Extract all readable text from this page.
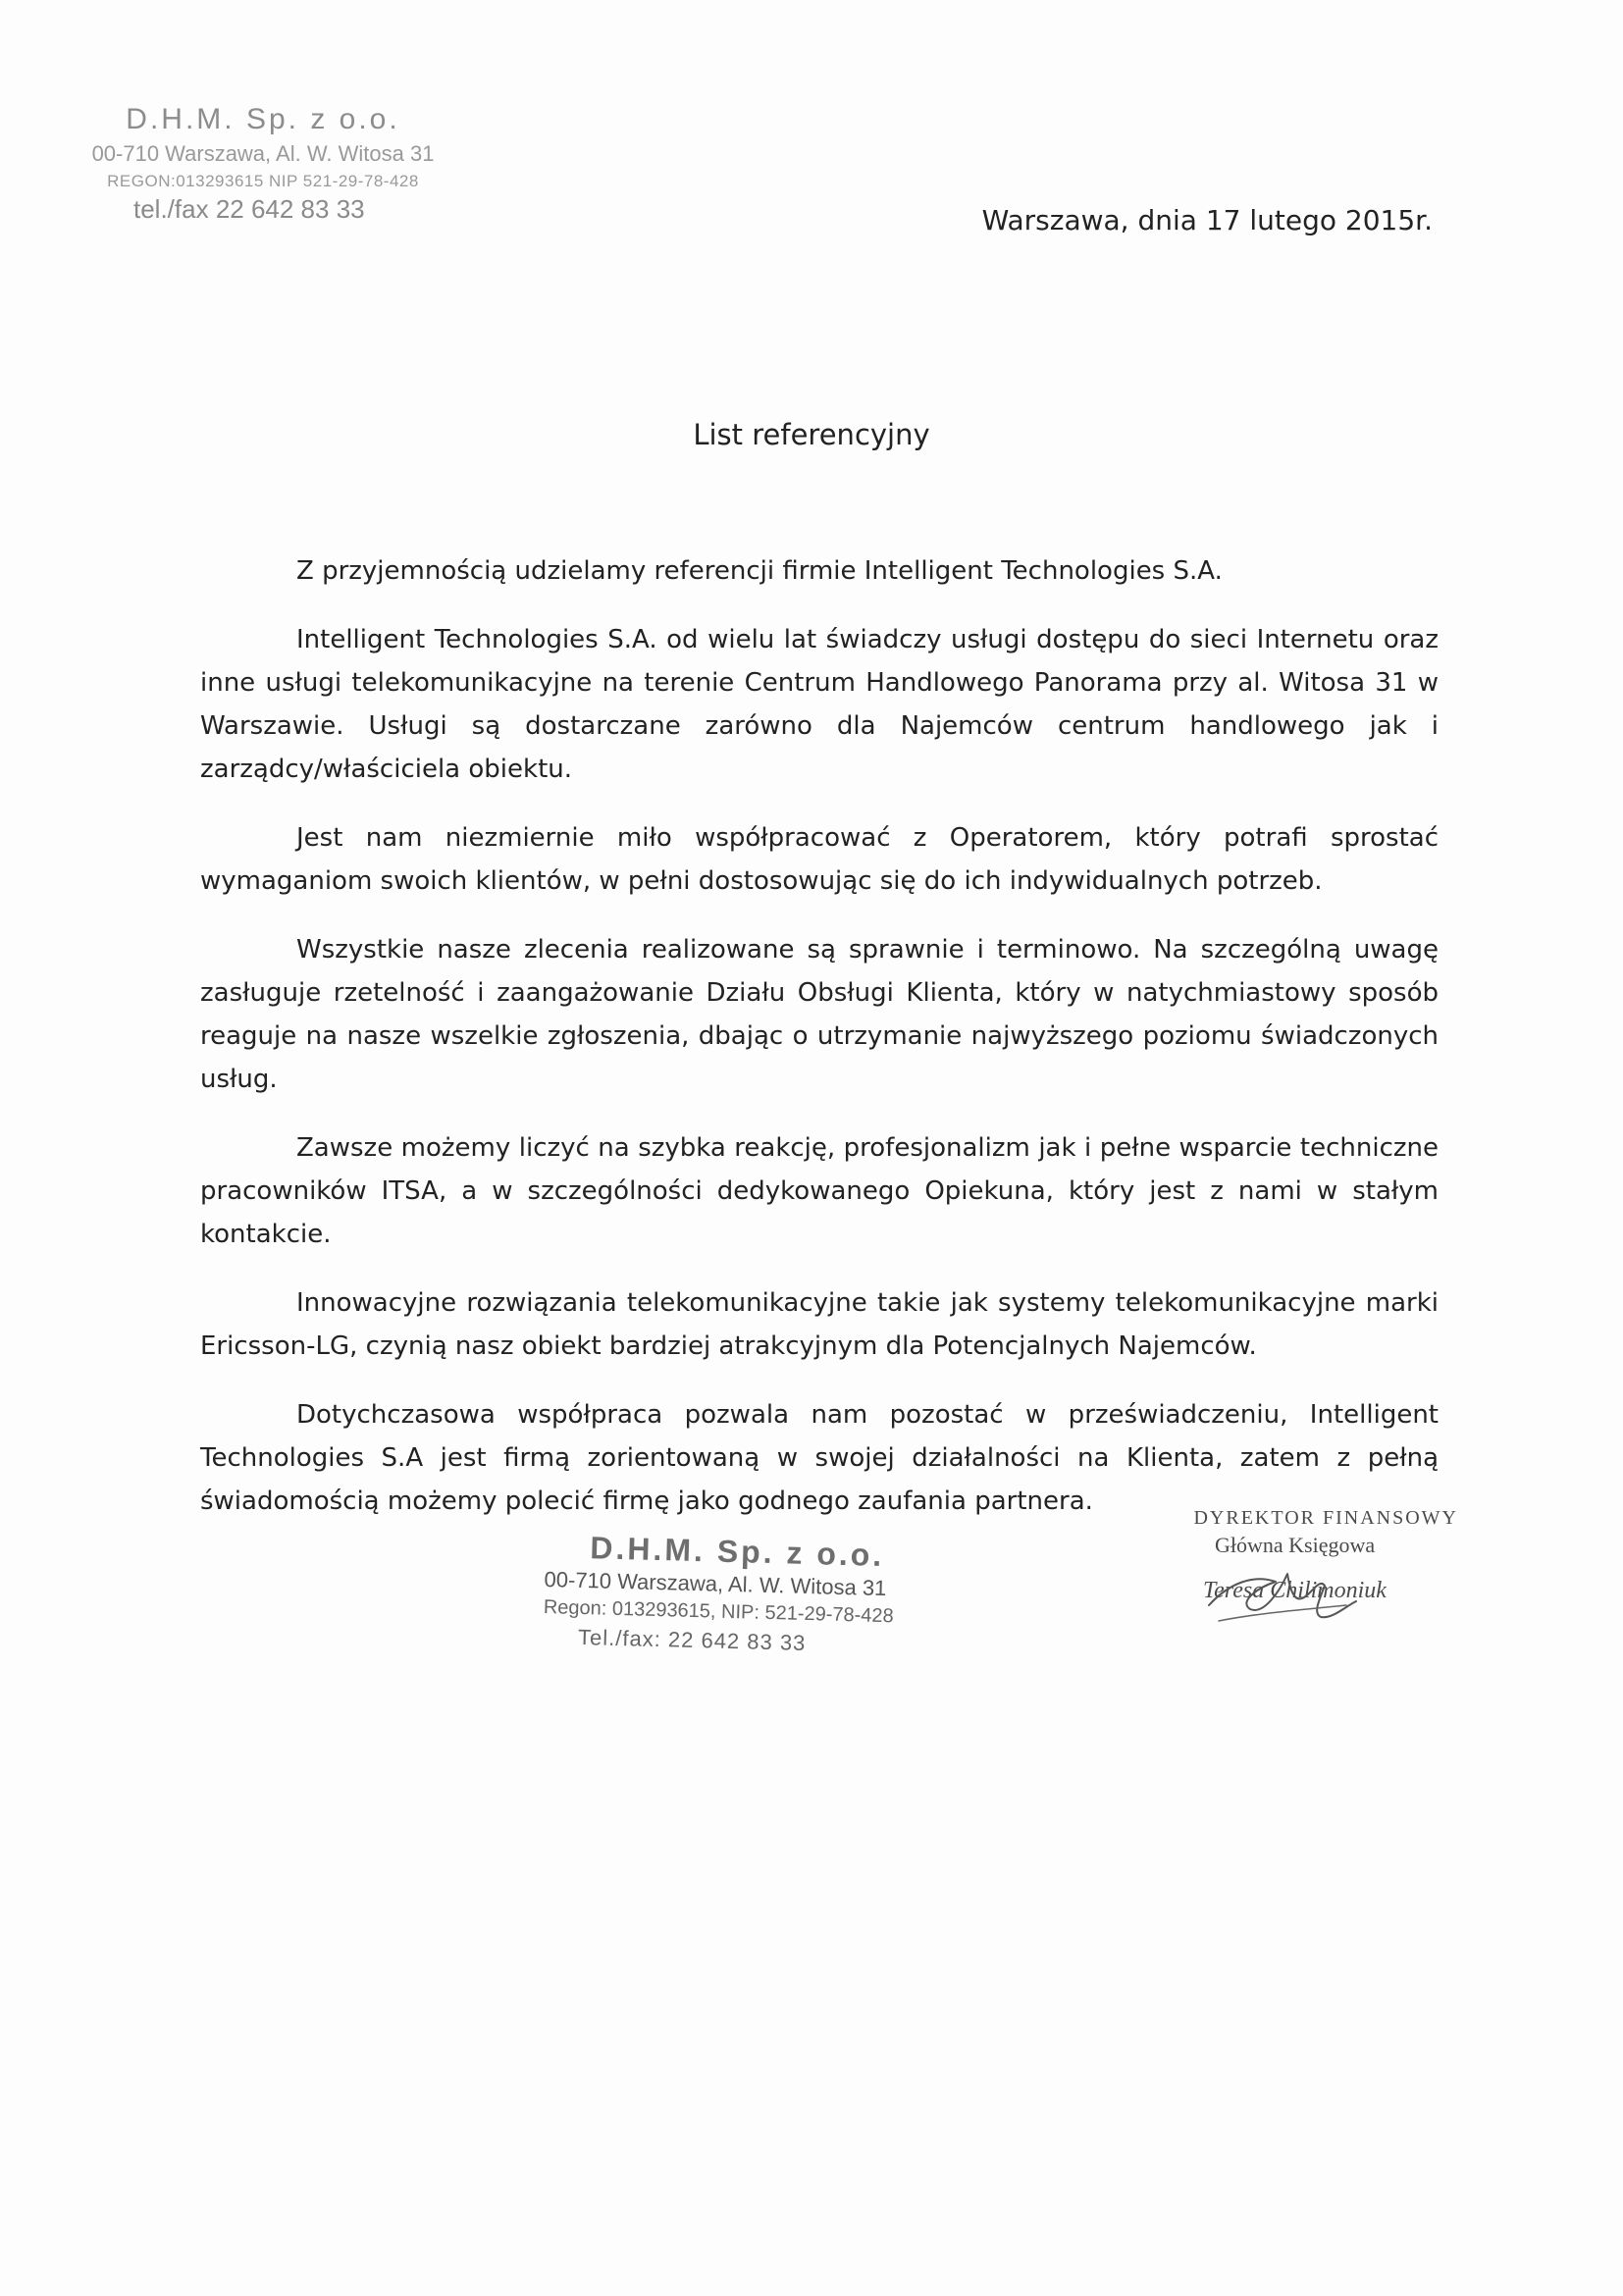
D.H.M. Sp. z o.o.
00-710 Warszawa, Al. W. Witosa 31
REGON:013293615 NIP 521-29-78-428
tel./fax 22 642 83 33	Warszawa, dnia 17 lutego 2015r.
List referencyjny

Z przyjemnością udzielamy referencji firmie Intelligent Technologies S.A.

Intelligent Technologies S.A. od wielu lat świadczy usługi dostępu do sieci Internetu oraz inne usługi telekomunikacyjne na terenie Centrum Handlowego Panorama przy al. Witosa 31 w Warszawie. Usługi są dostarczane zarówno dla Najemców centrum handlowego jak i zarządcy/właściciela obiektu.

Jest nam niezmiernie miło współpracować z Operatorem, który potrafi sprostać wymaganiom swoich klientów, w pełni dostosowując się do ich indywidualnych potrzeb.

Wszystkie nasze zlecenia realizowane są sprawnie i terminowo. Na szczególną uwagę zasługuje rzetelność i zaangażowanie Działu Obsługi Klienta, który w natychmiastowy sposób reaguje na nasze wszelkie zgłoszenia, dbając o utrzymanie najwyższego poziomu świadczonych usług.

Zawsze możemy liczyć na szybka reakcję, profesjonalizm jak i pełne wsparcie techniczne pracowników ITSA, a w szczególności dedykowanego Opiekuna, który jest z nami w stałym kontakcie.

Innowacyjne rozwiązania telekomunikacyjne takie jak systemy telekomunikacyjne marki Ericsson-LG, czynią nasz obiekt bardziej atrakcyjnym dla Potencjalnych Najemców.

Dotychczasowa współpraca pozwala nam pozostać w przeświadczeniu, Intelligent Technologies S.A jest firmą zorientowaną w swojej działalności na Klienta, zatem z pełną świadomością możemy polecić firmę jako godnego zaufania partnera.

D.H.M. Sp. z o.o.
00-710 Warszawa, Al. W. Witosa 31
Regon: 013293615, NIP: 521-29-78-428
Tel./fax: 22 642 83 33
DYREKTOR FINANSOWY
Główna Księgowa
Teresa Chilimoniuk
